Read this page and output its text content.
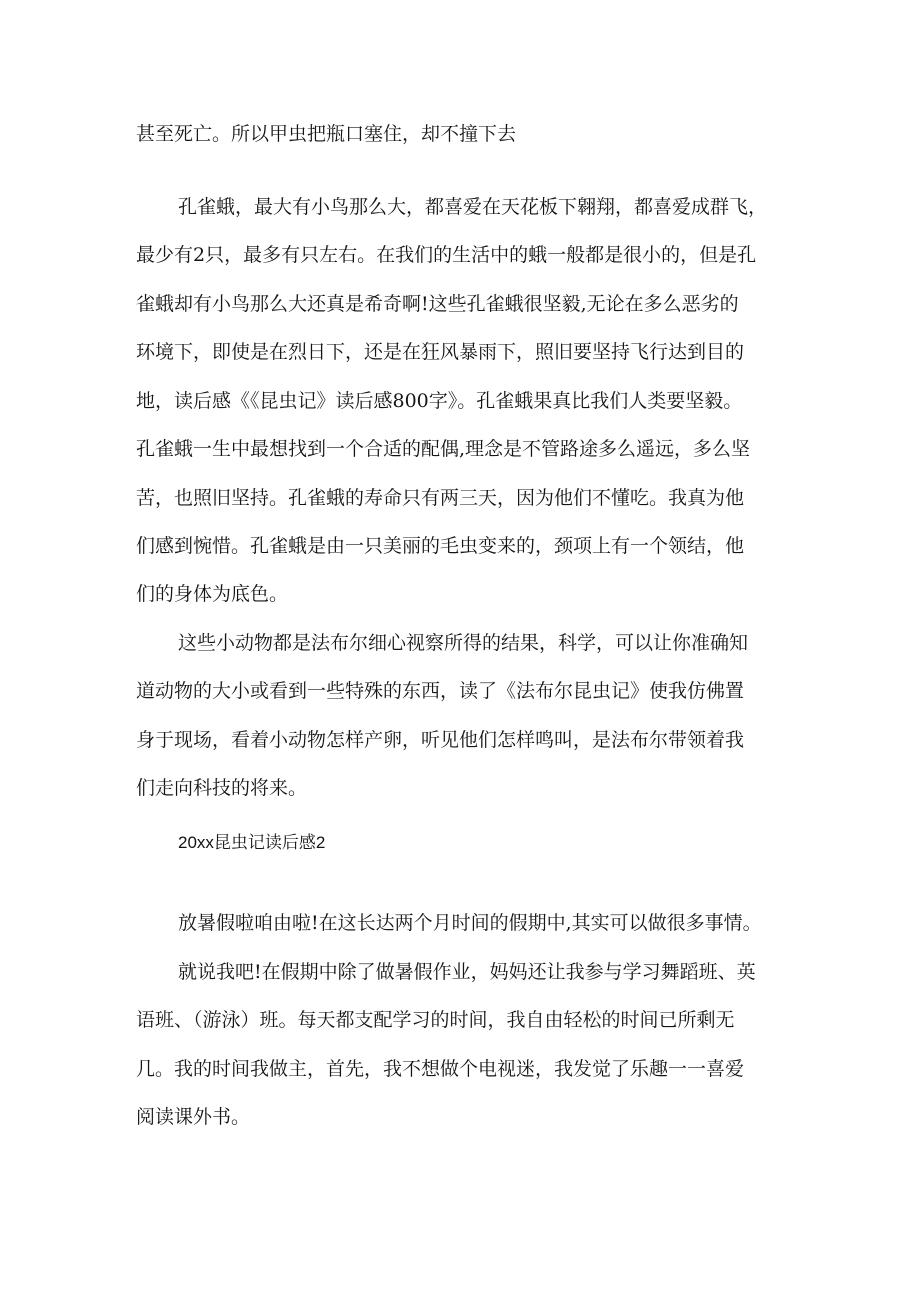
甚至死亡。所以甲虫把瓶口塞住，却不撞下去

孔雀蛾，最大有小鸟那么大，都喜爱在天花板下翱翔，都喜爱成群飞，

最少有2只，最多有只左右。在我们的生活中的蛾一般都是很小的，但是孔

雀蛾却有小鸟那么大还真是希奇啊!这些孔雀蛾很坚毅,无论在多么恶劣的

环境下，即使是在烈日下，还是在狂风暴雨下，照旧要坚持飞行达到目的

地，读后感《《昆虫记》读后感800字》。孔雀蛾果真比我们人类要坚毅。

孔雀蛾一生中最想找到一个合适的配偶,理念是不管路途多么遥远，多么坚

苦，也照旧坚持。孔雀蛾的寿命只有两三天，因为他们不懂吃。我真为他

们感到惋惜。孔雀蛾是由一只美丽的毛虫变来的，颈项上有一个领结，他

们的身体为底色。

这些小动物都是法布尔细心视察所得的结果，科学，可以让你准确知

道动物的大小或看到一些特殊的东西，读了《法布尔昆虫记》使我仿佛置

身于现场，看着小动物怎样产卵，听见他们怎样鸣叫，是法布尔带领着我

们走向科技的将来。

20xx昆虫记读后感2

放暑假啦咱由啦!在这长达两个月时间的假期中,其实可以做很多事情。

就说我吧!在假期中除了做暑假作业，妈妈还让我参与学习舞蹈班、英

语班、（游泳）班。每天都支配学习的时间，我自由轻松的时间已所剩无

几。我的时间我做主，首先，我不想做个电视迷，我发觉了乐趣一一喜爱

阅读课外书。
